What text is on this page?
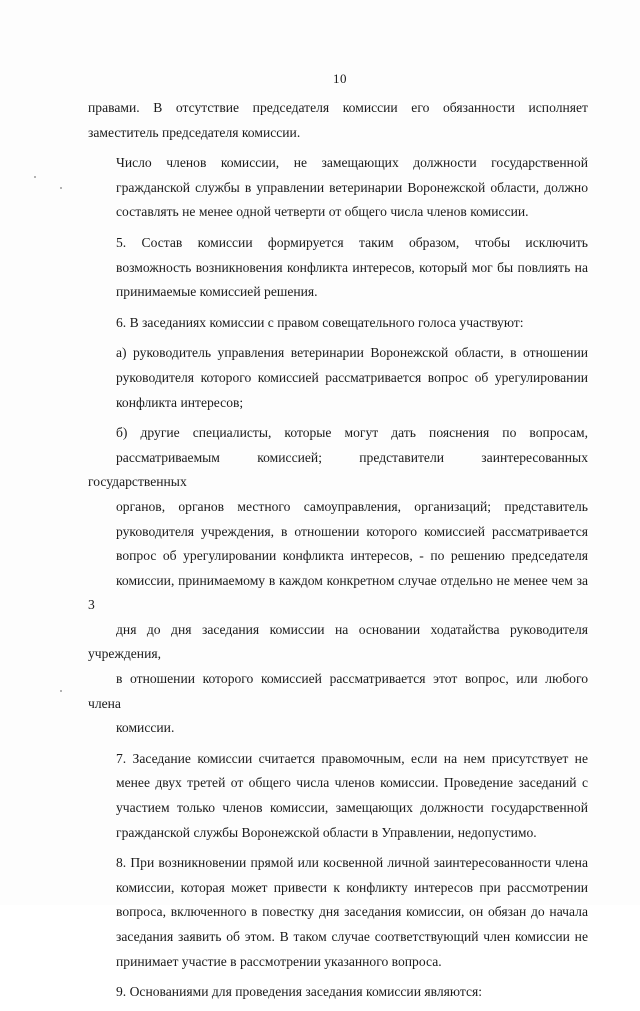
10
правами. В отсутствие председателя комиссии его обязанности исполняет
заместитель председателя комиссии.
Число членов комиссии, не замещающих должности государственной
гражданской службы в управлении ветеринарии Воронежской области, должно
составлять не менее одной четверти от общего числа членов комиссии.
5. Состав комиссии формируется таким образом, чтобы исключить
возможность возникновения конфликта интересов, который мог бы повлиять на
принимаемые комиссией решения.
6. В заседаниях комиссии с правом совещательного голоса участвуют:
а) руководитель управления ветеринарии Воронежской области, в отношении
руководителя которого комиссией рассматривается вопрос об урегулировании
конфликта интересов;
б) другие специалисты, которые могут дать пояснения по вопросам,
рассматриваемым комиссией; представители заинтересованных государственных
органов, органов местного самоуправления, организаций; представитель
руководителя учреждения, в отношении которого комиссией рассматривается
вопрос об урегулировании конфликта интересов, - по решению председателя
комиссии, принимаемому в каждом конкретном случае отдельно не менее чем за 3
дня до дня заседания комиссии на основании ходатайства руководителя учреждения,
в отношении которого комиссией рассматривается этот вопрос, или любого члена
комиссии.
7. Заседание комиссии считается правомочным, если на нем присутствует не
менее двух третей от общего числа членов комиссии. Проведение заседаний с
участием только членов комиссии, замещающих должности государственной
гражданской службы Воронежской области в Управлении, недопустимо.
8. При возникновении прямой или косвенной личной заинтересованности члена
комиссии, которая может привести к конфликту интересов при рассмотрении
вопроса, включенного в повестку дня заседания комиссии, он обязан до начала
заседания заявить об этом. В таком случае соответствующий член комиссии не
принимает участие в рассмотрении указанного вопроса.
9. Основаниями для проведения заседания комиссии являются:
